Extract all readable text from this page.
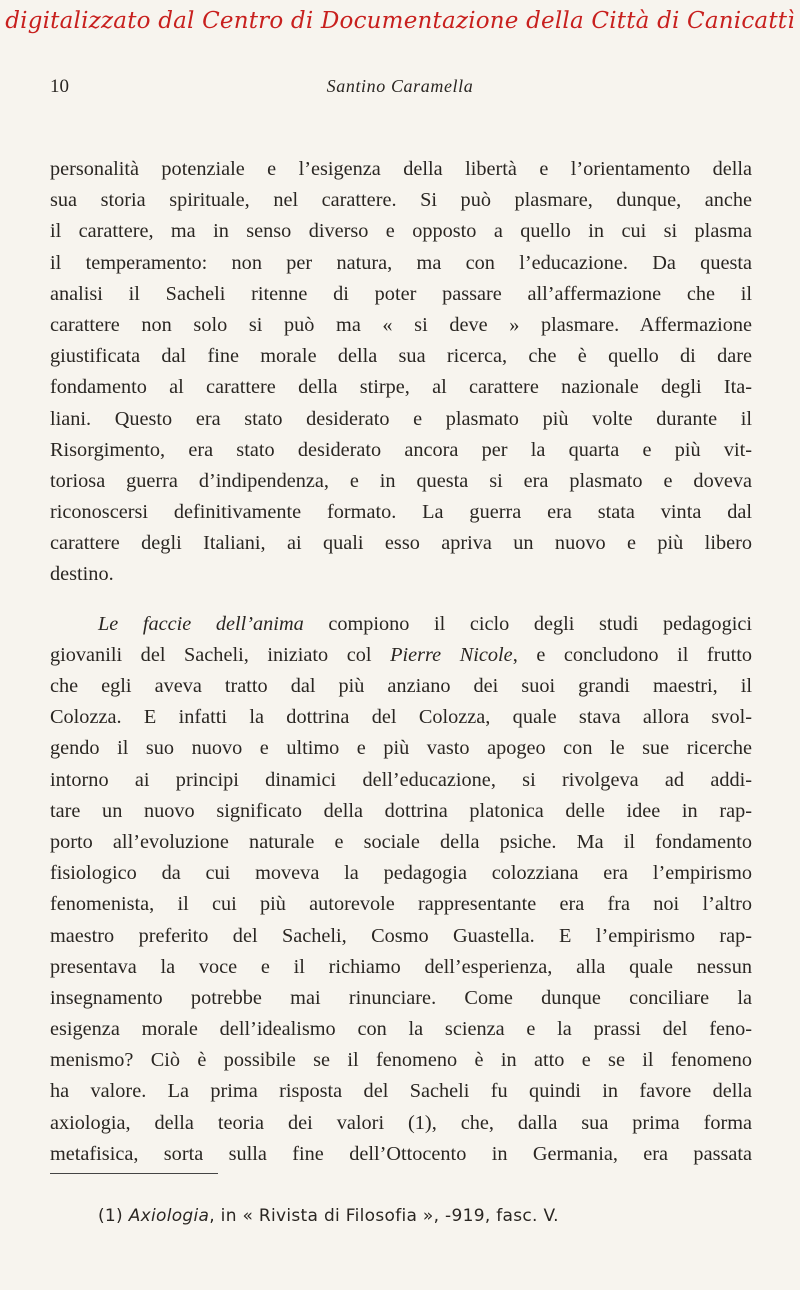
digitalizzato dal Centro di Documentazione della Città di Canicattì
10	Santino Caramella
personalità potenziale e l’esigenza della libertà e l’orientamento della
sua storia spirituale, nel carattere. Si può plasmare, dunque, anche
il carattere, ma in senso diverso e opposto a quello in cui si plasma
il temperamento: non per natura, ma con l’educazione. Da questa
analisi il Sacheli ritenne di poter passare all’affermazione che il
carattere non solo si può ma « si deve » plasmare. Affermazione
giustificata dal fine morale della sua ricerca, che è quello di dare
fondamento al carattere della stirpe, al carattere nazionale degli Ita-
liani. Questo era stato desiderato e plasmato più volte durante il
Risorgimento, era stato desiderato ancora per la quarta e più vit-
toriosa guerra d’indipendenza, e in questa si era plasmato e doveva
riconoscersi definitivamente formato. La guerra era stata vinta dal
carattere degli Italiani, ai quali esso apriva un nuovo e più libero
destino.
Le faccie dell’anima compiono il ciclo degli studi pedagogici
giovanili del Sacheli, iniziato col Pierre Nicole, e concludono il frutto
che egli aveva tratto dal più anziano dei suoi grandi maestri, il
Colozza. E infatti la dottrina del Colozza, quale stava allora svol-
gendo il suo nuovo e ultimo e più vasto apogeo con le sue ricerche
intorno ai principi dinamici dell’educazione, si rivolgeva ad addi-
tare un nuovo significato della dottrina platonica delle idee in rap-
porto all’evoluzione naturale e sociale della psiche. Ma il fondamento
fisiologico da cui moveva la pedagogia colozziana era l’empirismo
fenomenista, il cui più autorevole rappresentante era fra noi l’altro
maestro preferito del Sacheli, Cosmo Guastella. E l’empirismo rap-
presentava la voce e il richiamo dell’esperienza, alla quale nessun
insegnamento potrebbe mai rinunciare. Come dunque conciliare la
esigenza morale dell’idealismo con la scienza e la prassi del feno-
menismo? Ciò è possibile se il fenomeno è in atto e se il fenomeno
ha valore. La prima risposta del Sacheli fu quindi in favore della
axiologia, della teoria dei valori (1), che, dalla sua prima forma
metafisica, sorta sulla fine dell’Ottocento in Germania, era passata
(1) Axiologia, in « Rivista di Filosofia », -919, fasc. V.
